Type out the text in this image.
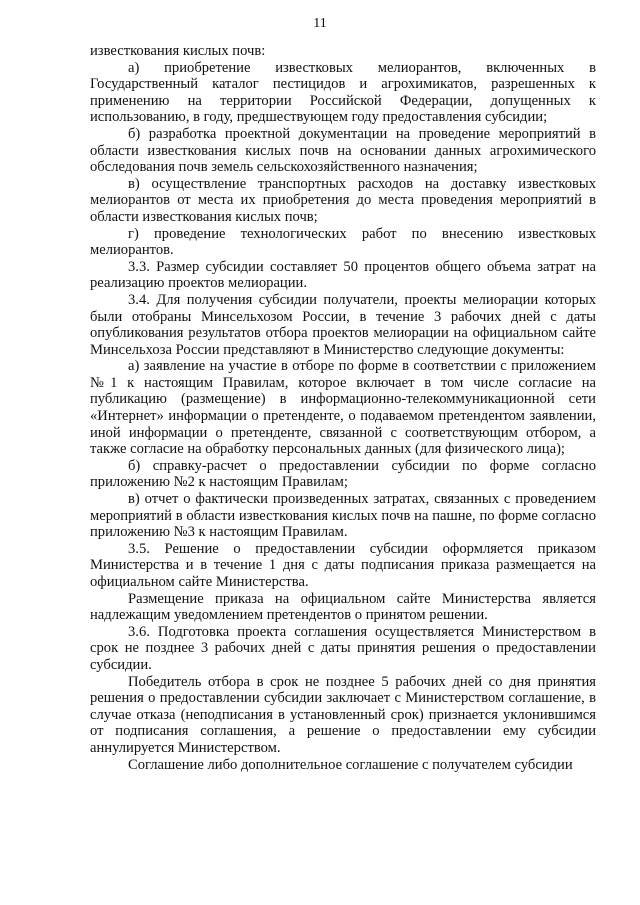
11

известкования кислых почв:

а) приобретение известковых мелиорантов, включенных в Государственный каталог пестицидов и агрохимикатов, разрешенных к применению на территории Российской Федерации, допущенных к использованию, в году, предшествующем году предоставления субсидии;

б) разработка проектной документации на проведение мероприятий в области известкования кислых почв на основании данных агрохимического обследования почв земель сельскохозяйственного назначения;

в) осуществление транспортных расходов на доставку известковых мелиорантов от места их приобретения до места проведения мероприятий в области известкования кислых почв;

г) проведение технологических работ по внесению известковых мелиорантов.

3.3. Размер субсидии составляет 50 процентов общего объема затрат на реализацию проектов мелиорации.

3.4. Для получения субсидии получатели, проекты мелиорации которых были отобраны Минсельхозом России, в течение 3 рабочих дней с даты опубликования результатов отбора проектов мелиорации на официальном сайте Минсельхоза России представляют в Министерство следующие документы:

а) заявление на участие в отборе по форме в соответствии с приложением №1 к настоящим Правилам, которое включает в том числе согласие на публикацию (размещение) в информационно-телекоммуникационной сети «Интернет» информации о претенденте, о подаваемом претендентом заявлении, иной информации о претенденте, связанной с соответствующим отбором, а также согласие на обработку персональных данных (для физического лица);

б) справку-расчет о предоставлении субсидии по форме согласно приложению №2 к настоящим Правилам;

в) отчет о фактически произведенных затратах, связанных с проведением мероприятий в области известкования кислых почв на пашне, по форме согласно приложению №3 к настоящим Правилам.

3.5. Решение о предоставлении субсидии оформляется приказом Министерства и в течение 1 дня с даты подписания приказа размещается на официальном сайте Министерства.

Размещение приказа на официальном сайте Министерства является надлежащим уведомлением претендентов о принятом решении.

3.6. Подготовка проекта соглашения осуществляется Министерством в срок не позднее 3 рабочих дней с даты принятия решения о предоставлении субсидии.

Победитель отбора в срок не позднее 5 рабочих дней со дня принятия решения о предоставлении субсидии заключает с Министерством соглашение, в случае отказа (неподписания в установленный срок) признается уклонившимся от подписания соглашения, а решение о предоставлении ему субсидии аннулируется Министерством.

Соглашение либо дополнительное соглашение с получателем субсидии
